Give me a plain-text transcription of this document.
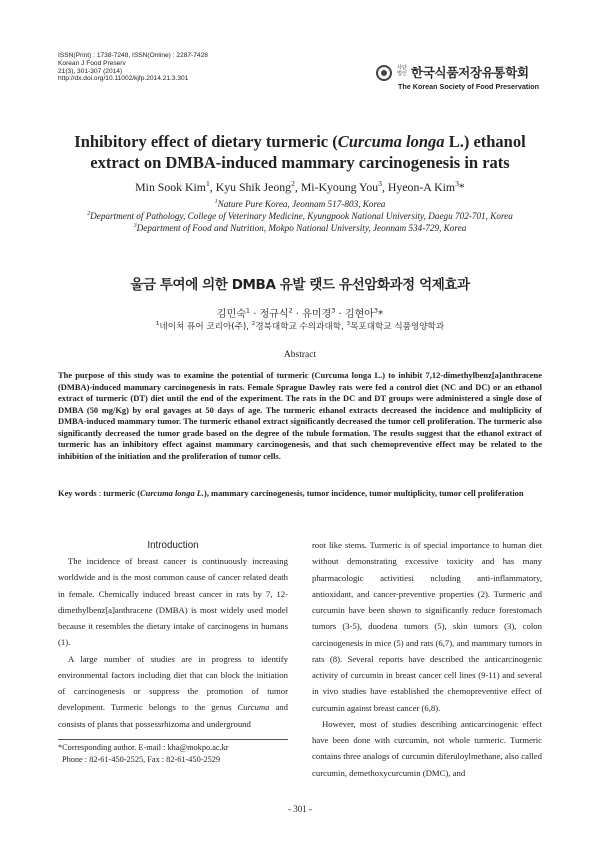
ISSN(Print) : 1738-7248, ISSN(Online) : 2287-7428
Korean J Food Preserv
21(3), 301-307 (2014)
http://dx.doi.org/10.11002/kjfp.2014.21.3.301
사단 법인 한국식품저장유통학회
The Korean Society of Food Preservation
Inhibitory effect of dietary turmeric (Curcuma longa L.) ethanol
extract on DMBA-induced mammary carcinogenesis in rats
Min Sook Kim$^1$, Kyu Shik Jeong$^2$, Mi-Kyoung You$^3$, Hyeon-A Kim$^3$*
$^1$Nature Pure Korea, Jeonnam 517-803, Korea
$^2$Department of Pathology, College of Veterinary Medicine, Kyungpook National University, Daegu 702-701, Korea
$^3$Department of Food and Nutrition, Mokpo National University, Jeonnam 534-729, Korea
울금 투여에 의한 DMBA 유발 랫드 유선암화과정 억제효과
김민숙$^1$ · 정규식$^2$ · 유미경$^3$ · 김현아$^3$*
$^1$네이쳐 퓨어 코리아(주), $^2$경북대학교 수의과대학, $^3$목포대학교 식품영양학과
Abstract
The purpose of this study was to examine the potential of turmeric (Curcuma longa L.) to inhibit 7,12-dimethylbenz[a]anthracene (DMBA)-induced mammary carcinogenesis in rats. Female Sprague Dawley rats were fed a control diet (NC and DC) or an ethanol extract of turmeric (DT) diet until the end of the experiment. The rats in the DC and DT groups were administered a single dose of DMBA (50 mg/Kg) by oral gavages at 50 days of age. The turmeric ethanol extracts decreased the incidence and multiplicity of DMBA-induced mammary tumor. The turmeric ethanol extract significantly decreased the tumor cell proliferation. The turmeric also significantly decreased the tumor grade based on the degree of the tubule formation. The results suggest that the ethanol extract of turmeric has an inhibitory effect against mammary carcinogenesis, and that such chemopreventive effect may be related to the inhibition of the initiation and the proliferation of tumor cells.
Key words : turmeric (Curcuma longa L.), mammary carcinogenesis, tumor incidence, tumor multiplicity, tumor cell proliferation
Introduction

The incidence of breast cancer is continuously increasing worldwide and is the most common cause of cancer related death in female. Chemically induced breast cancer in rats by 7, 12-dimethylbenz[a]anthracene (DMBA) is most widely used model because it resembles the dietary intake of carcinogens in humans (1).

A large number of studies are in progress to identify environmental factors including diet that can block the initiation of carcinogenesis or suppress the promotion of tumor development. Turmeric belongs to the genus Curcuma and consists of plants that possessrhizoma and underground

root like stems. Turmeric is of special importance to human diet without demonstrating excessive toxicity and has many pharmacologic activitiesi ncluding anti-inflammatory, antioxidant, and cancer-preventive properties (2). Turmeric and curcumin have been shown to significantly reduce forestomach tumors (3-5), duodena tumors (5), skin tumors (3), colon carcinogenesis in mice (5) and rats (6,7), and mammary tumors in rats (8). Several reports have described the anticarcinogenic activity of curcumin in breast cancer cell lines (9-11) and several in vivo studies have established the chemopreventive effect of curcumin against breast cancer (6,8).

However, most of studies describing anticarcinogenic effect have been done with curcumin, not whole turmeric. Turmeric contains three analogs of curcumin diferuloylmethane, also called curcumin, demethoxycurcumin (DMC), and

*Corresponding author. E-mail : kha@mokpo.ac.kr
Phone : 82-61-450-2525, Fax : 82-61-450-2529
- 301 -
